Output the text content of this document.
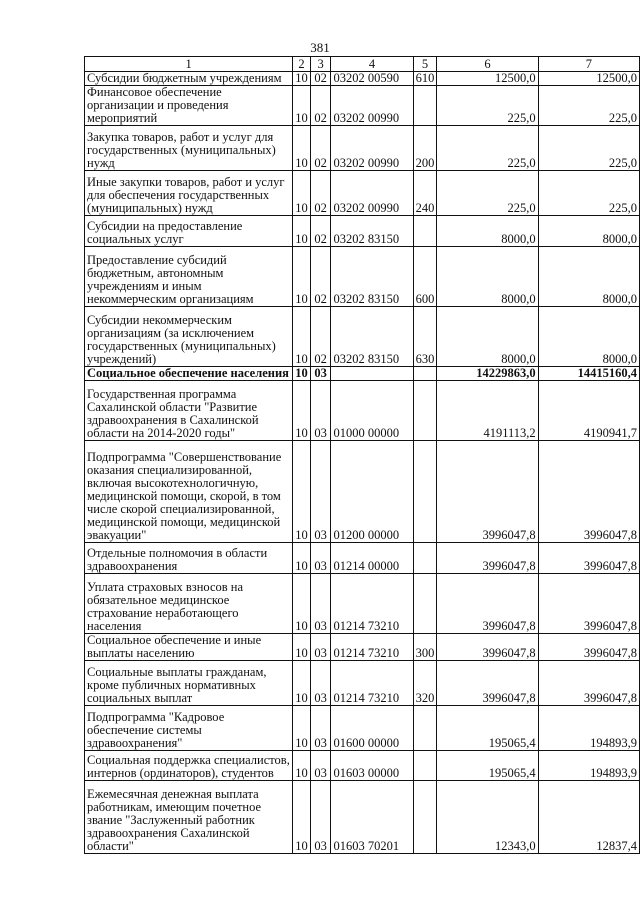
381
1	2	3	4	5	6	7
Субсидии бюджетным учреждениям	10	02	03202 00590	610	12500,0	12500,0
Финансовое обеспечение организации и проведения мероприятий	10	02	03202 00990		225,0	225,0
Закупка товаров, работ и услуг для государственных (муниципальных) нужд	10	02	03202 00990	200	225,0	225,0
Иные закупки товаров, работ и услуг для обеспечения государственных (муниципальных) нужд	10	02	03202 00990	240	225,0	225,0
Субсидии на предоставление социальных услуг	10	02	03202 83150		8000,0	8000,0
Предоставление субсидий бюджетным, автономным учреждениям и иным некоммерческим организациям	10	02	03202 83150	600	8000,0	8000,0
Субсидии некоммерческим организациям (за исключением государственных (муниципальных) учреждений)	10	02	03202 83150	630	8000,0	8000,0
Социальное обеспечение населения	10	03			14229863,0	14415160,4
Государственная программа Сахалинской области "Развитие здравоохранения в Сахалинской области на 2014-2020 годы"	10	03	01000 00000		4191113,2	4190941,7
Подпрограмма "Совершенствование оказания специализированной, включая высокотехнологичную, медицинской помощи, скорой, в том числе скорой специализированной, медицинской помощи, медицинской эвакуации"	10	03	01200 00000		3996047,8	3996047,8
Отдельные полномочия в области здравоохранения	10	03	01214 00000		3996047,8	3996047,8
Уплата страховых взносов на обязательное медицинское страхование неработающего населения	10	03	01214 73210		3996047,8	3996047,8
Социальное обеспечение и иные выплаты населению	10	03	01214 73210	300	3996047,8	3996047,8
Социальные выплаты гражданам, кроме публичных нормативных социальных выплат	10	03	01214 73210	320	3996047,8	3996047,8
Подпрограмма "Кадровое обеспечение системы здравоохранения"	10	03	01600 00000		195065,4	194893,9
Социальная поддержка специалистов, интернов (ординаторов), студентов	10	03	01603 00000		195065,4	194893,9
Ежемесячная денежная выплата работникам, имеющим почетное звание "Заслуженный работник здравоохранения Сахалинской области"	10	03	01603 70201		12343,0	12837,4
